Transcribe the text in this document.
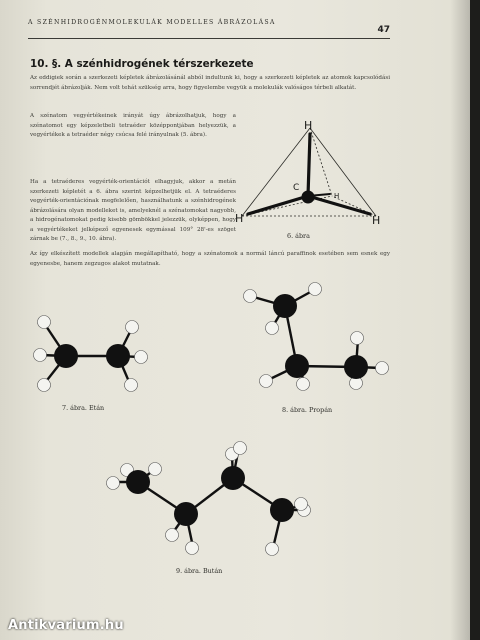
A SZÉNHIDROGÉNMOLEKULÁK MODELLES ÁBRÁZOLÁSA
47
10. §. A szénhidrogének térszerkezete

Az eddigiek során a szerkezeti képletek ábrázolásánál abból indultunk ki, hogy a szerkezeti képletek az atomok kapcsolódási sorrendjét ábrázolják. Nem volt tehát szükség arra, hogy figyelembe vegyük a molekulák valóságos térbeli alkatát.

A szénatom vegyértékeinek irányát úgy ábrázolhatjuk, hogy a szénatomot egy képzeletbeli tetraéder középpontjában helyezzük, a vegyértékek a tetraéder négy csúcsa felé irányulnak (5. ábra).

Ha a tetraéderes vegyérték-orientációt elhagyjuk, akkor a metán szerkezeti képletét a 6. ábra szerint képzelhetjük el. A tetraéderes vegyérték-orientációnak megfelelően, használhatunk a szénhidrogének ábrázolására olyan modelleket is, amelyeknél a szénatomokat nagyobb, a hidrogénatomokat pedig kisebb gömbökkel jelezzük, olyképpen, hogy a vegyértékeket jelképező egyenesek egymással 109° 28'-es szöget zárnak be (7., 8., 9., 10. ábra).

Az így elkészített modellek alapján megállapítható, hogy a szénatomok a normál láncú paraffinok esetében sem esnek egy egyenesbe, hanem zegzugos alakot mutatnak.

H
C
H	H
H
6. ábra
7. ábra. Etán	8. ábra. Propán
9. ábra. Bután
Antikvarium.hu
